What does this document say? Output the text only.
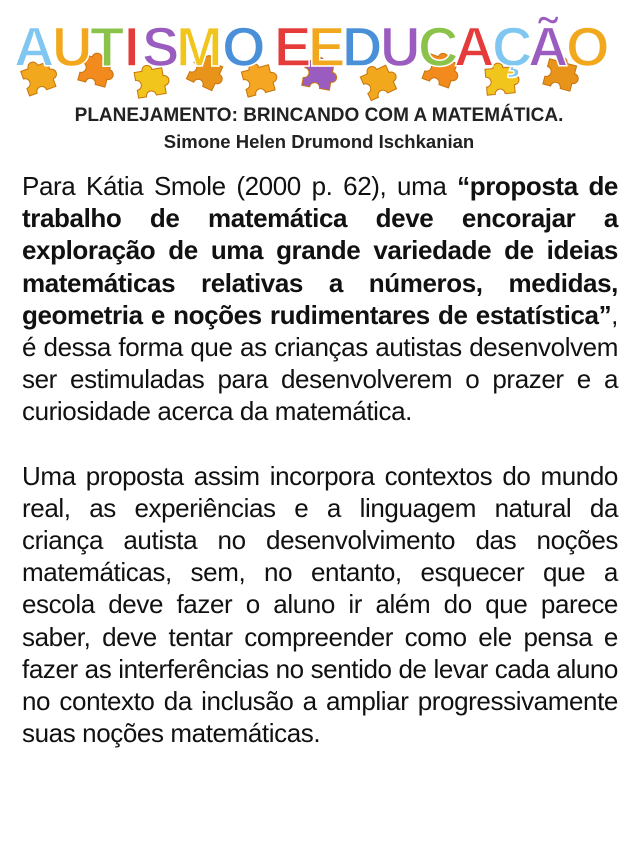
A
U
T I S
M O E
E
D
U
C
A
Ç
Ã
O
PLANEJAMENTO: BRINCANDO COM A MATEMÁTICA.
Simone Helen Drumond Ischkanian

Para Kátia Smole (2000 p. 62), uma “proposta de trabalho de matemática deve encorajar a exploração de uma grande variedade de ideias matemáticas relativas a números, medidas, geometria e noções rudimentares de estatística”, é dessa forma que as crianças autistas desenvolvem ser estimuladas para desenvolverem o prazer e a curiosidade acerca da matemática.

Uma proposta assim incorpora contextos do mundo real, as experiências e a linguagem natural da criança autista no desenvolvimento das noções matemáticas, sem, no entanto, esquecer que a escola deve fazer o aluno ir além do que parece saber, deve tentar compreender como ele pensa e fazer as interferências no sentido de levar cada aluno no contexto da inclusão a ampliar progressivamente suas noções matemáticas.
